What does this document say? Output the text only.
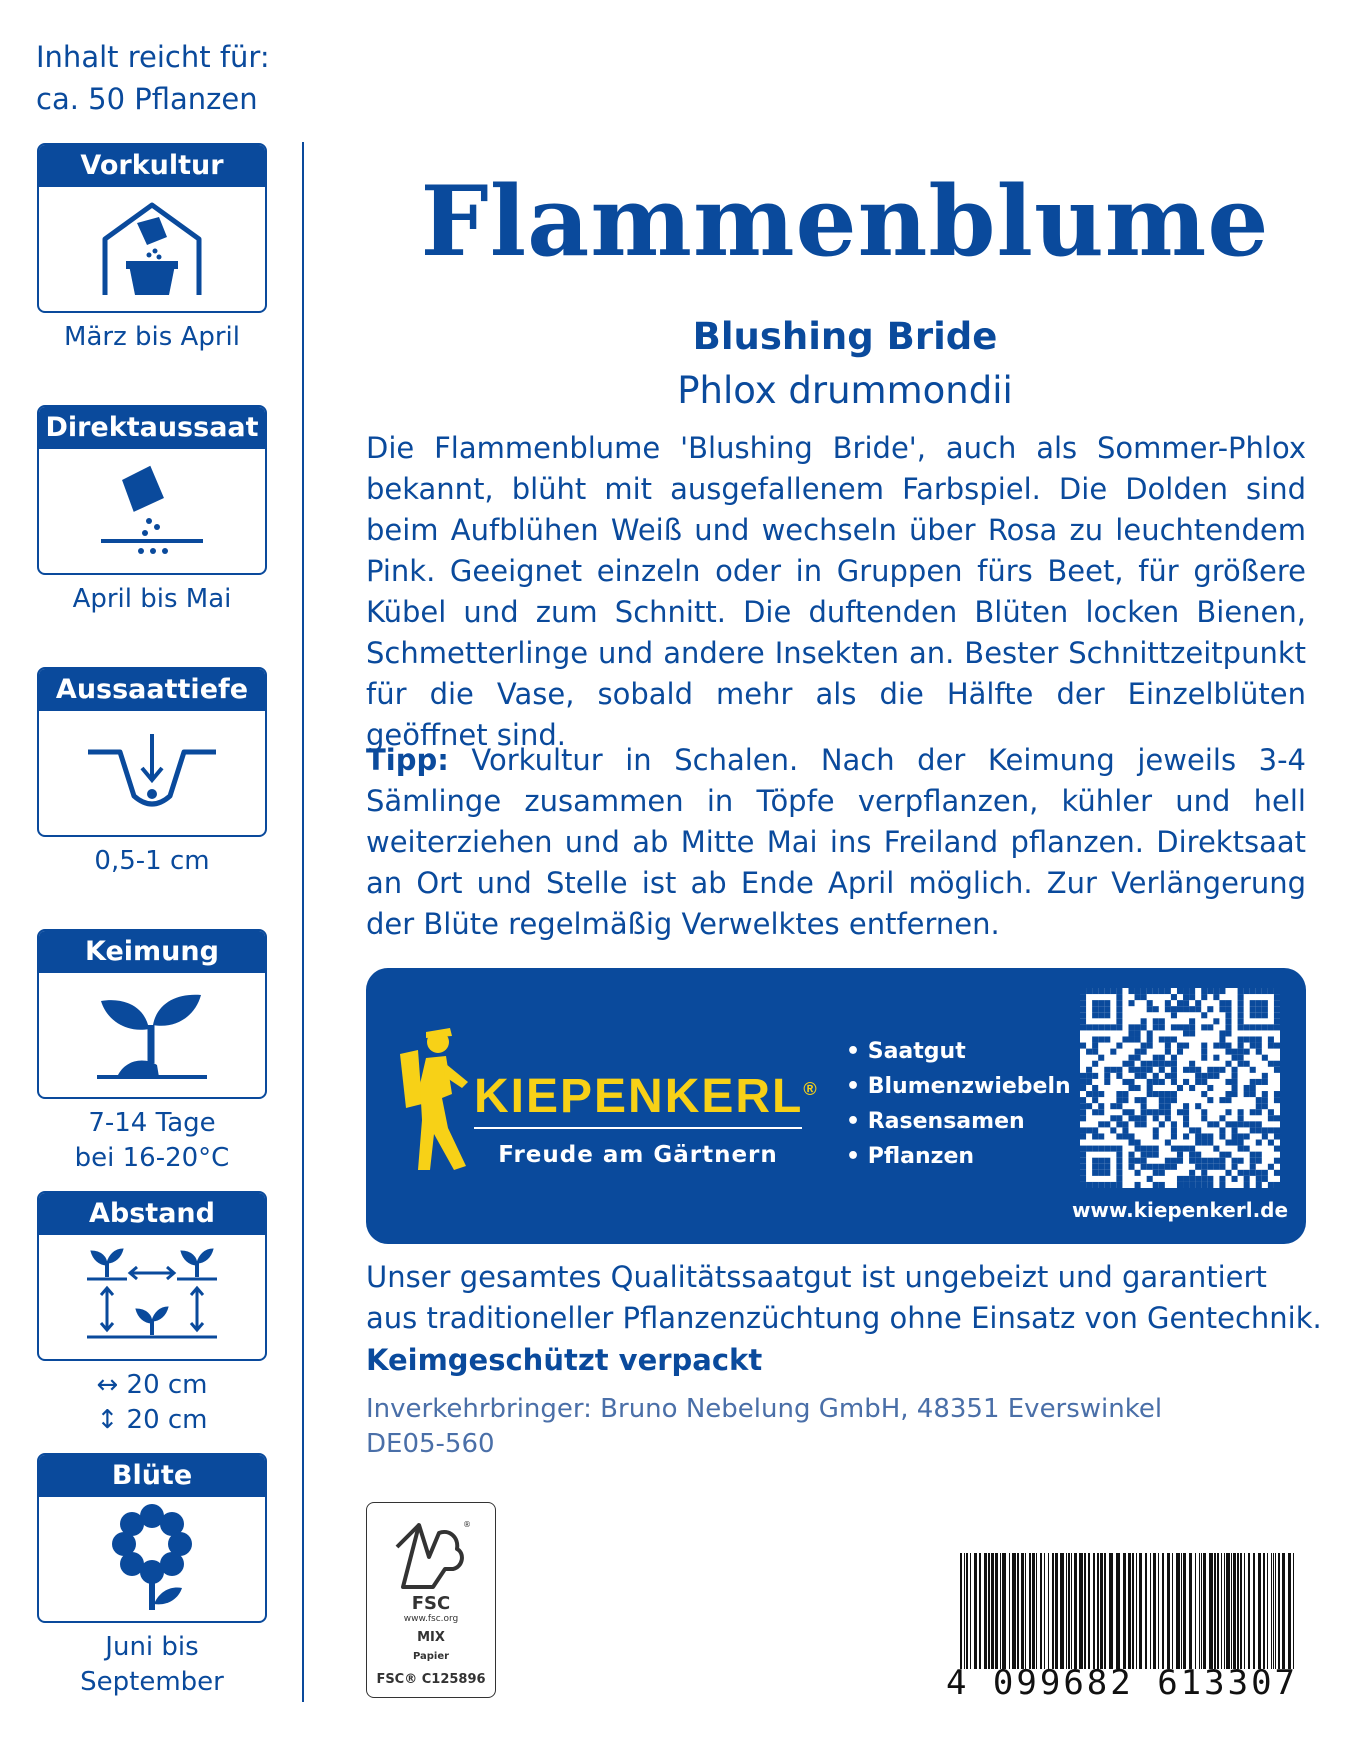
Inhalt reicht für:
ca. 50 Pflanzen
Vorkultur
März bis April
Direktaussaat
April bis Mai
Aussaattiefe
0,5-1 cm
Keimung
7-14 Tage
bei 16-20°C
Abstand
↔ 20 cm
↕ 20 cm
Blüte
Juni bis
September
Flammenblume
Blushing Bride
Phlox drummondii

Die Flammenblume 'Blushing Bride', auch als Sommer-Phlox bekannt, blüht mit ausgefallenem Farbspiel. Die Dolden sind beim Aufblühen Weiß und wechseln über Rosa zu leuchtendem Pink. Geeignet einzeln oder in Gruppen fürs Beet, für größere Kübel und zum Schnitt. Die duftenden Blüten locken Bienen, Schmetterlinge und andere Insekten an. Bester Schnittzeitpunkt für die Vase, sobald mehr als die Hälfte der Einzelblüten geöffnet sind.

Tipp: Vorkultur in Schalen. Nach der Keimung jeweils 3-4 Sämlinge zusammen in Töpfe verpflanzen, kühler und hell weiterziehen und ab Mitte Mai ins Freiland pflanzen. Direktsaat an Ort und Stelle ist ab Ende April möglich. Zur Verlängerung der Blüte regelmäßig Verwelktes entfernen.

KIEPENKERL®
Freude am Gärtnern
• Saatgut
• Blumenzwiebeln
• Rasensamen
• Pflanzen
www.kiepenkerl.de

Unser gesamtes Qualitätssaatgut ist ungebeizt und garantiert aus traditioneller Pflanzenzüchtung ohne Einsatz von Gentechnik.

Keimgeschützt verpackt
Inverkehrbringer: Bruno Nebelung GmbH, 48351 Everswinkel
DE05-560
®
FSC
www.fsc.org
MIX
Papier
FSC® C125896	4 099682 613307
